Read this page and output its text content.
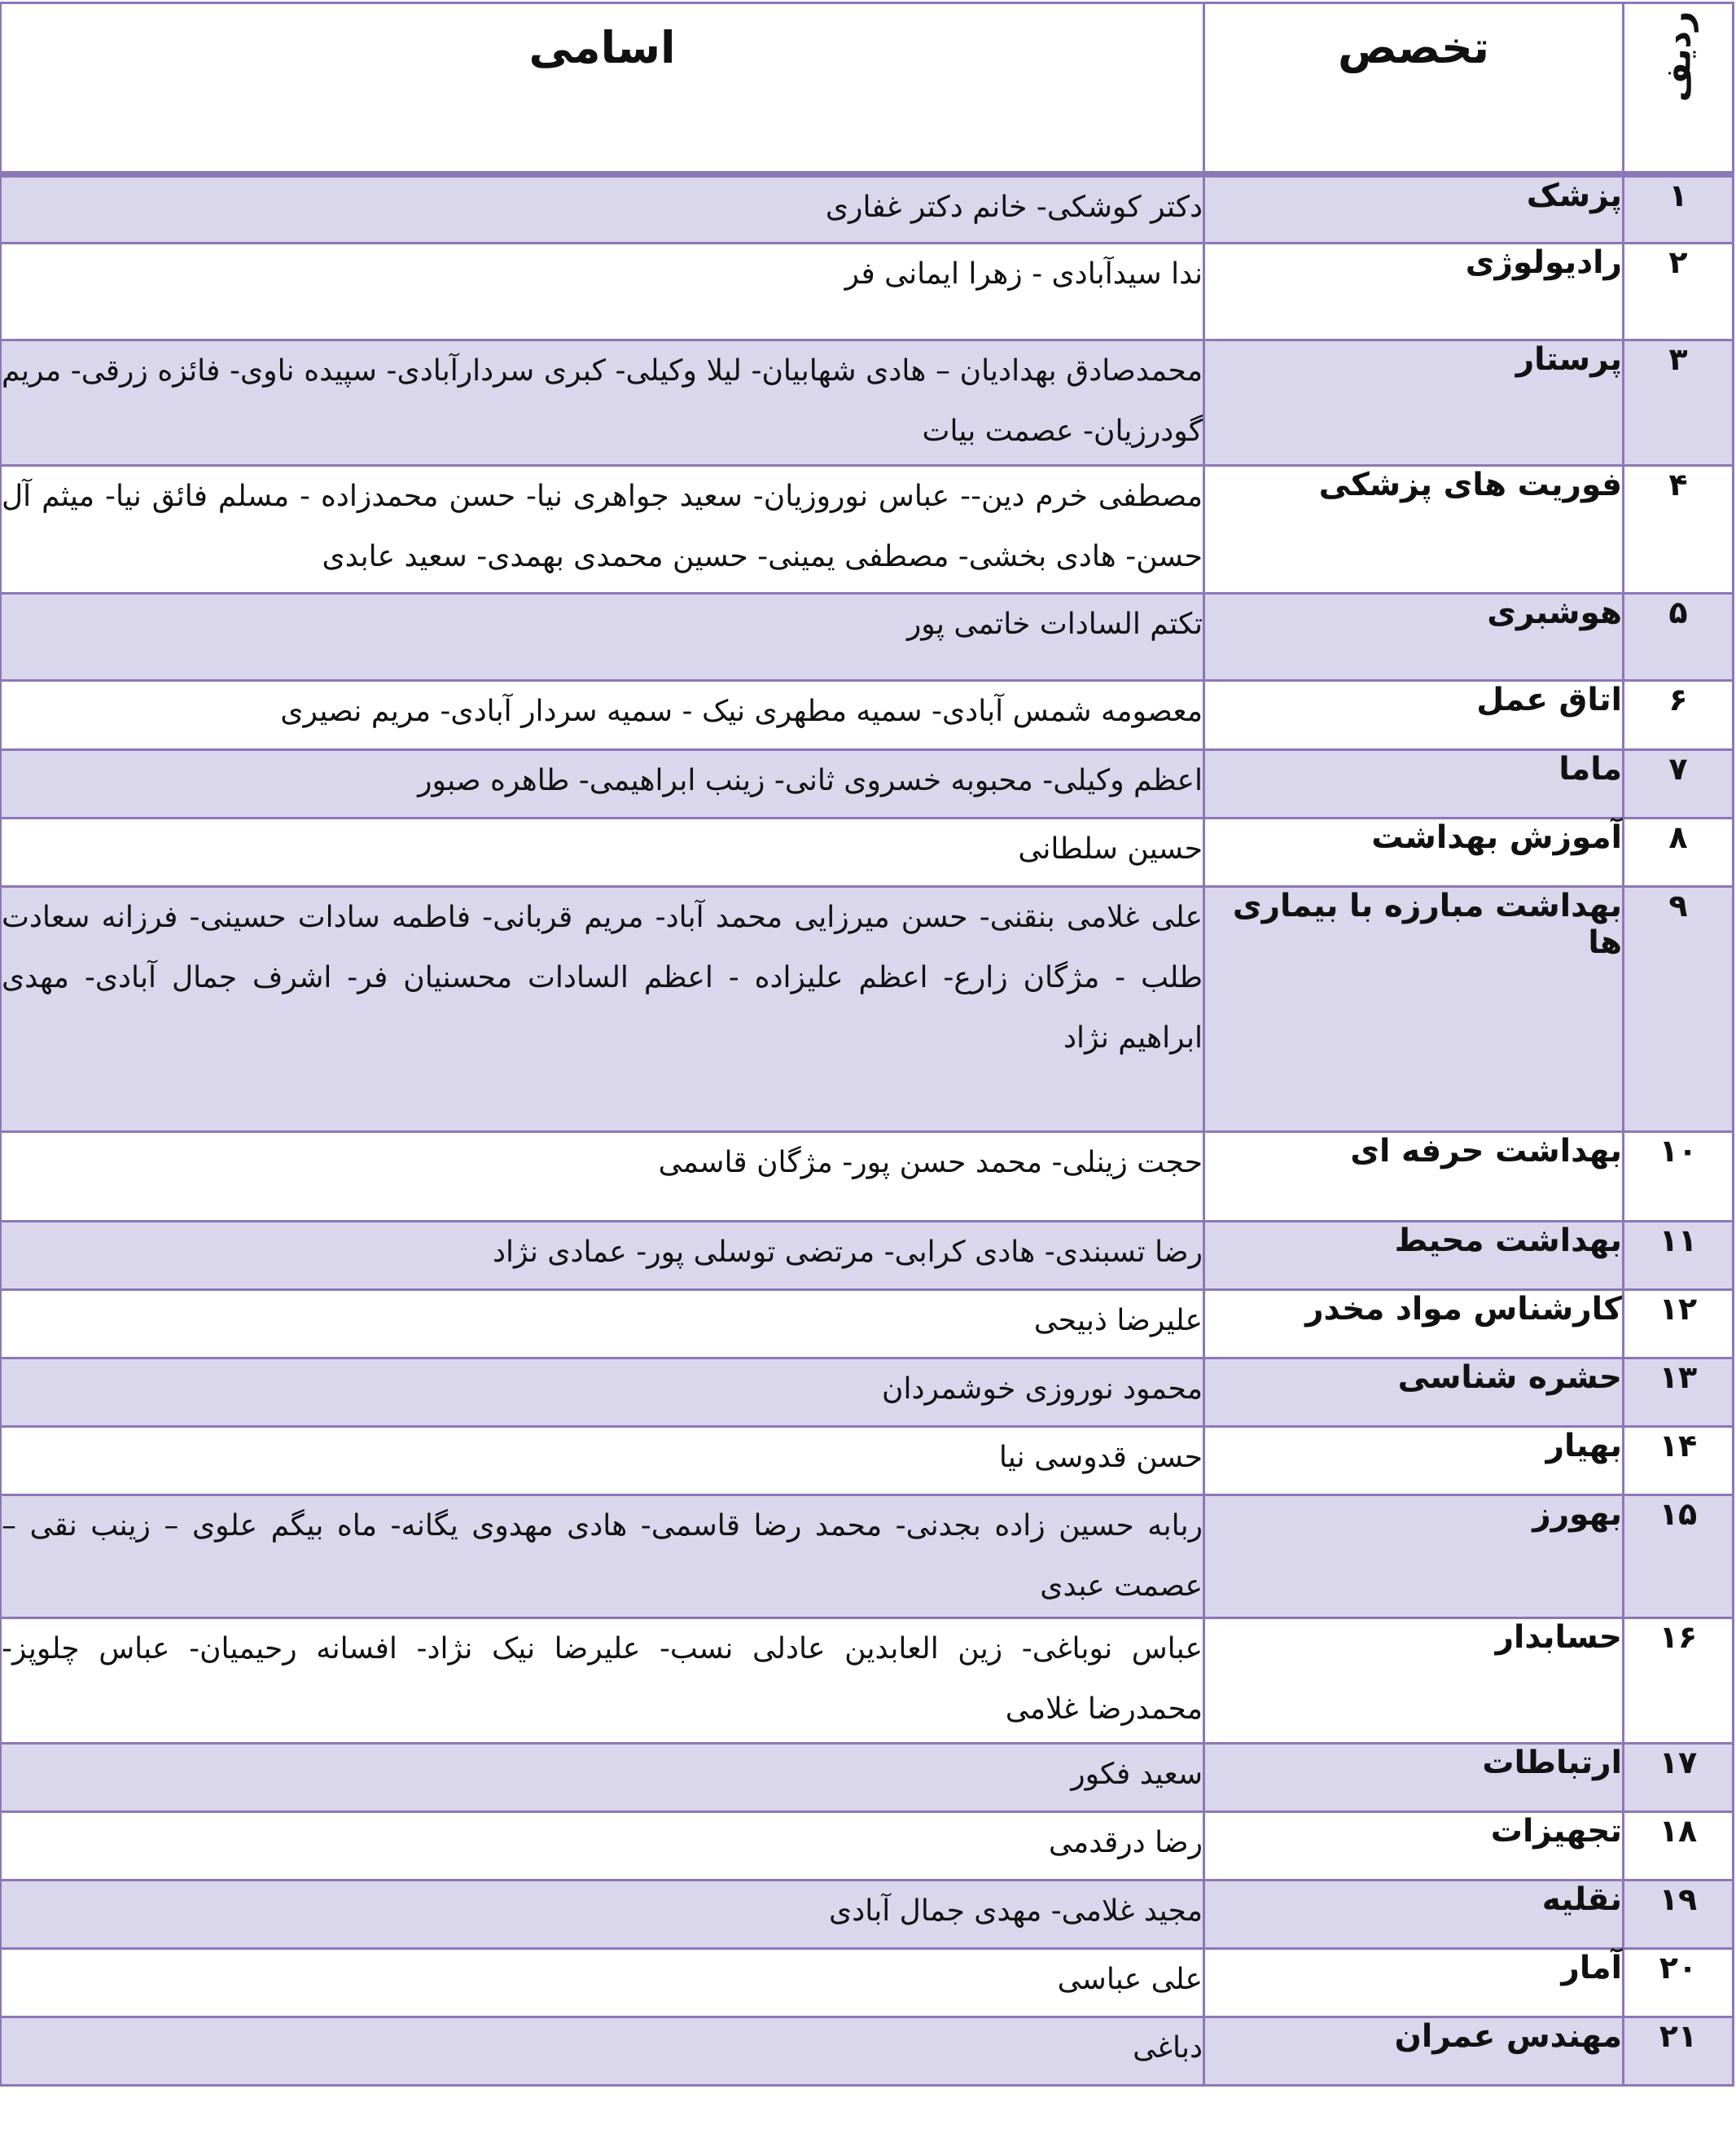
ردیف	تخصص	اسامی
۱	پزشک	دکتر کوشکی- خانم دکتر غفاری
۲	رادیولوژی	ندا سیدآبادی - زهرا ایمانی فر
۳	پرستار	محمدصادق بهدادیان – هادی شهابیان- لیلا وکیلی- کبری سردارآبادی- سپیده ناوی- فائزه زرقی- مریم گودرزیان- عصمت بیات
۴	فوریت های پزشکی	مصطفی خرم دین-- عباس نوروزیان- سعید جواهری نیا- حسن محمدزاده - مسلم فائق نیا- میثم آل حسن- هادی بخشی- مصطفی یمینی- حسین محمدی بهمدی- سعید عابدی
۵	هوشبری	تکتم السادات خاتمی پور
۶	اتاق عمل	معصومه شمس آبادی- سمیه مطهری نیک - سمیه سردار آبادی- مریم نصیری
۷	ماما	اعظم وکیلی- محبوبه خسروی ثانی- زینب ابراهیمی- طاهره صبور
۸	آموزش بهداشت	حسین سلطانی
۹	بهداشت مبارزه با بیماری ها	علی غلامی بنقنی- حسن میرزایی محمد آباد- مریم قربانی- فاطمه سادات حسینی- فرزانه سعادت طلب - مژگان زارع- اعظم علیزاده - اعظم السادات محسنیان فر- اشرف جمال آبادی- مهدی ابراهیم نژاد
۱۰	بهداشت حرفه ای	حجت زینلی- محمد حسن پور- مژگان قاسمی
۱۱	بهداشت محیط	رضا تسبندی- هادی کرابی- مرتضی توسلی پور- عمادی نژاد
۱۲	کارشناس مواد مخدر	علیرضا ذبیحی
۱۳	حشره شناسی	محمود نوروزی خوشمردان
۱۴	بهیار	حسن قدوسی نیا
۱۵	بهورز	ربابه حسین زاده بجدنی- محمد رضا قاسمی- هادی مهدوی یگانه- ماه بیگم علوی – زینب نقی – عصمت عبدی
۱۶	حسابدار	عباس نوباغی- زین العابدین عادلی نسب- علیرضا نیک نژاد- افسانه رحیمیان- عباس چلوپز- محمدرضا غلامی
۱۷	ارتباطات	سعید فکور
۱۸	تجهیزات	رضا درقدمی
۱۹	نقلیه	مجید غلامی- مهدی جمال آبادی
۲۰	آمار	علی عباسی
۲۱	مهندس عمران	دباغی
